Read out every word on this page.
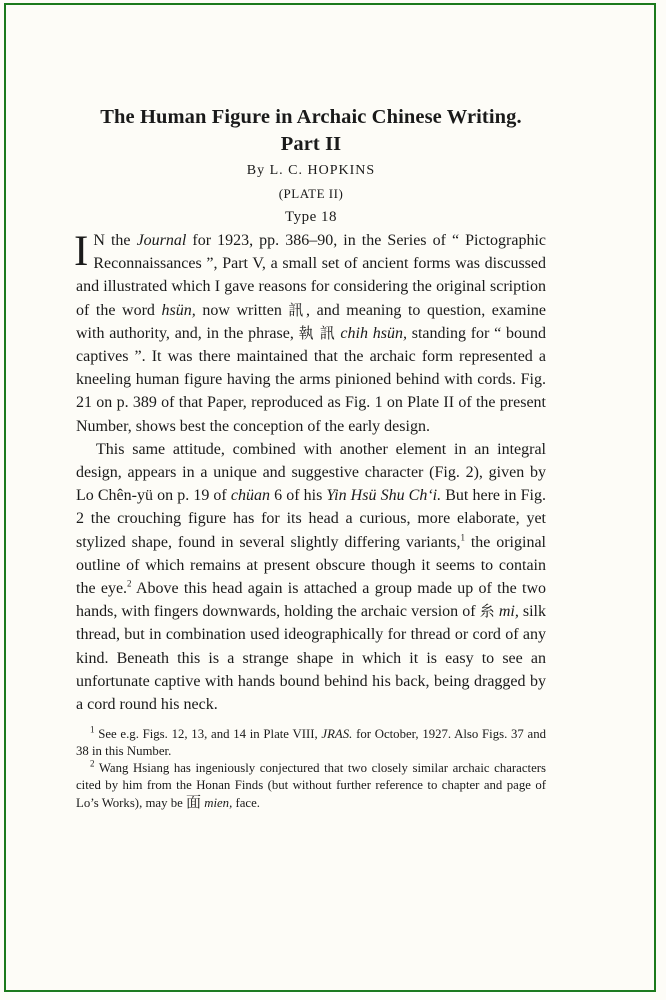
The Human Figure in Archaic Chinese Writing.
Part II
By L. C. HOPKINS
(PLATE II)
Type 18

I N the Journal for 1923, pp. 386–90, in the Series of “ Pictographic Reconnaissances ”, Part V, a small set of ancient forms was discussed and illustrated which I gave reasons for considering the original scription of the word hsün, now written 訊, and meaning to question, examine with authority, and, in the phrase, 執 訊 chih hsün, standing for “ bound captives ”. It was there maintained that the archaic form represented a kneeling human figure having the arms pinioned behind with cords. Fig. 21 on p. 389 of that Paper, reproduced as Fig. 1 on Plate II of the present Number, shows best the conception of the early design.

This same attitude, combined with another element in an integral design, appears in a unique and suggestive character (Fig. 2), given by Lo Chên-yü on p. 19 of chüan 6 of his Yin Hsü Shu Ch‘i. But here in Fig. 2 the crouching figure has for its head a curious, more elaborate, yet stylized shape, found in several slightly differing variants,$^1$ the original outline of which remains at present obscure though it seems to contain the eye.$^2$ Above this head again is attached a group made up of the two hands, with fingers downwards, holding the archaic version of 糸 mi, silk thread, but in combination used ideographically for thread or cord of any kind. Beneath this is a strange shape in which it is easy to see an unfortunate captive with hands bound behind his back, being dragged by a cord round his neck.

$^1$ See e.g. Figs. 12, 13, and 14 in Plate VIII, JRAS. for October, 1927. Also Figs. 37 and 38 in this Number.

$^2$ Wang Hsiang has ingeniously conjectured that two closely similar archaic characters cited by him from the Honan Finds (but without further reference to chapter and page of Lo’s Works), may be 面 mien, face.
